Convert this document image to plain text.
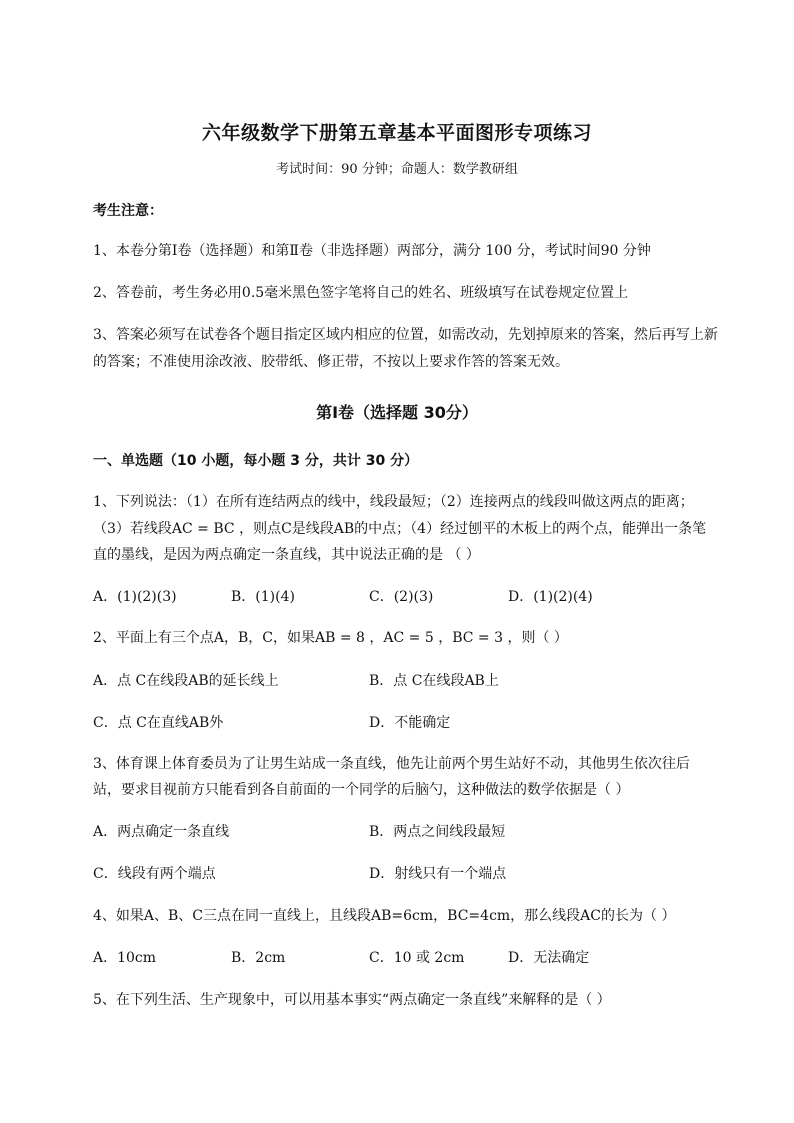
六年级数学下册第五章基本平面图形专项练习
考试时间：90 分钟；命题人：数学教研组
考生注意：
1、本卷分第Ⅰ卷（选择题）和第Ⅱ卷（非选择题）两部分，满分 100 分，考试时间90 分钟
2、答卷前，考生务必用0.5毫米黑色签字笔将自己的姓名、班级填写在试卷规定位置上
3、答案必须写在试卷各个题目指定区域内相应的位置，如需改动，先划掉原来的答案，然后再写上新
的答案；不准使用涂改液、胶带纸、修正带，不按以上要求作答的答案无效。
第Ⅰ卷（选择题 30分）
一、单选题（10 小题，每小题 3 分，共计 30 分）
1、下列说法：（1）在所有连结两点的线中，线段最短；（2）连接两点的线段叫做这两点的距离；
（3）若线段AC = BC ，则点C是线段AB的中点；（4）经过刨平的木板上的两个点，能弹出一条笔
直的墨线，是因为两点确定一条直线，其中说法正确的是 （ ）
A．(1)(2)(3)	B．(1)(4)	C．(2)(3)	D．(1)(2)(4)
2、平面上有三个点A，B，C，如果AB = 8 ，AC = 5 ，BC = 3 ，则（ ）
A．点 C在线段AB的延长线上	B．点 C在线段AB上
C．点 C在直线AB外	D．不能确定
3、体育课上体育委员为了让男生站成一条直线，他先让前两个男生站好不动，其他男生依次往后
站，要求目视前方只能看到各自前面的一个同学的后脑勺，这种做法的数学依据是（ ）
A．两点确定一条直线	B．两点之间线段最短
C．线段有两个端点	D．射线只有一个端点
4、如果A、B、C三点在同一直线上，且线段AB=6cm，BC=4cm，那么线段AC的长为（ ）
A．10cm	B．2cm	C．10 或 2cm	D．无法确定
5、在下列生活、生产现象中，可以用基本事实“两点确定一条直线”来解释的是（ ）
